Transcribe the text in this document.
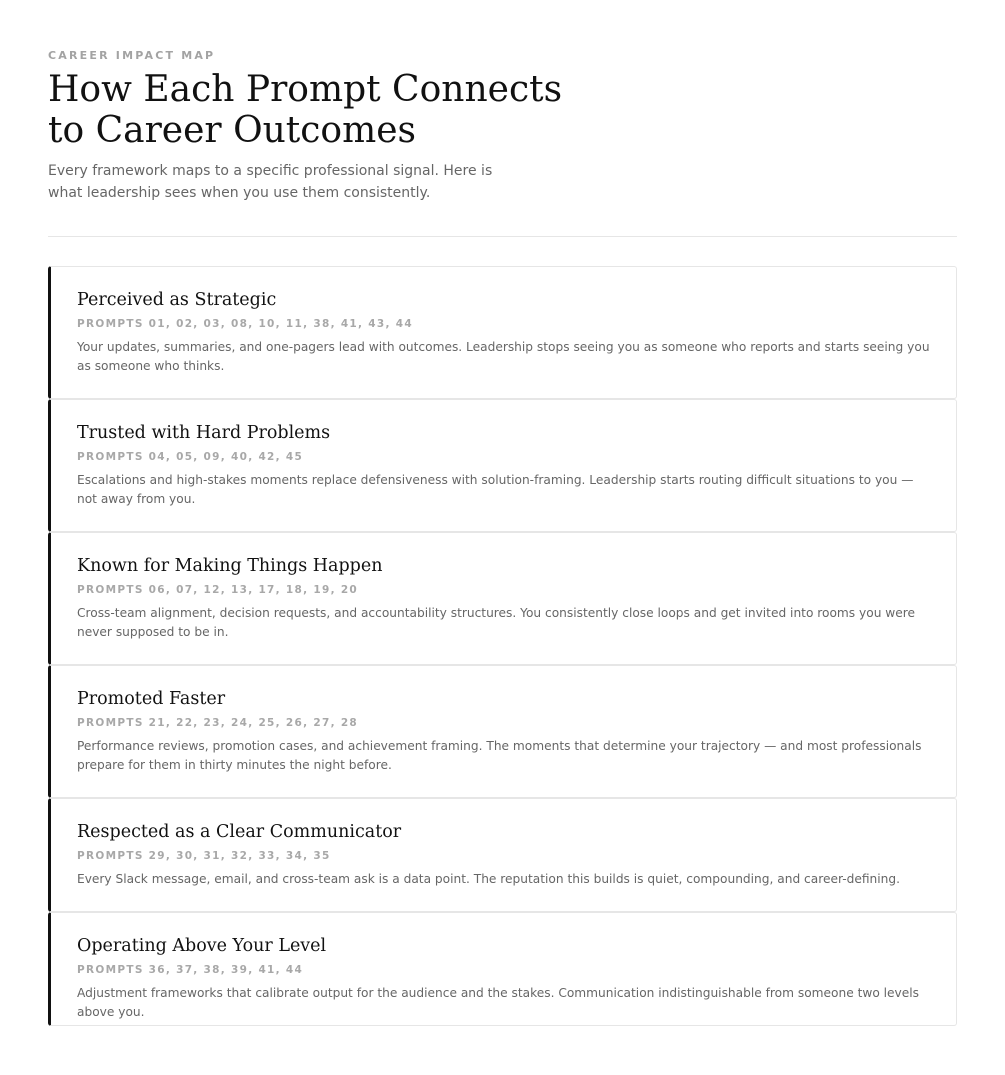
CAREER IMPACT MAP
How Each Prompt Connects to Career Outcomes

Every framework maps to a specific professional signal. Here is what leadership sees when you use them consistently.

Perceived as Strategic
PROMPTS 01, 02, 03, 08, 10, 11, 38, 41, 43, 44

Your updates, summaries, and one-pagers lead with outcomes. Leadership stops seeing you as someone who reports and starts seeing you as someone who thinks.

Trusted with Hard Problems
PROMPTS 04, 05, 09, 40, 42, 45

Escalations and high-stakes moments replace defensiveness with solution-framing. Leadership starts routing difficult situations to you — not away from you.

Known for Making Things Happen
PROMPTS 06, 07, 12, 13, 17, 18, 19, 20

Cross-team alignment, decision requests, and accountability structures. You consistently close loops and get invited into rooms you were never supposed to be in.

Promoted Faster
PROMPTS 21, 22, 23, 24, 25, 26, 27, 28

Performance reviews, promotion cases, and achievement framing. The moments that determine your trajectory — and most professionals prepare for them in thirty minutes the night before.

Respected as a Clear Communicator
PROMPTS 29, 30, 31, 32, 33, 34, 35

Every Slack message, email, and cross-team ask is a data point. The reputation this builds is quiet, compounding, and career-defining.

Operating Above Your Level
PROMPTS 36, 37, 38, 39, 41, 44

Adjustment frameworks that calibrate output for the audience and the stakes. Communication indistinguishable from someone two levels above you.
